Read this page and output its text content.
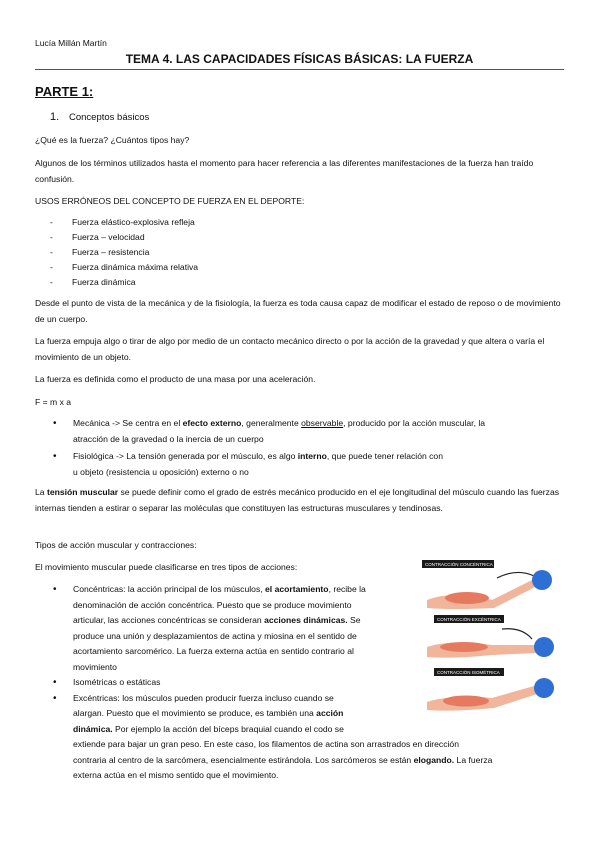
Lucía Millán Martín
TEMA 4. LAS CAPACIDADES FÍSICAS BÁSICAS: LA FUERZA
PARTE 1:
1. Conceptos básicos
¿Qué es la fuerza? ¿Cuántos tipos hay?
Algunos de los términos utilizados hasta el momento para hacer referencia a las diferentes manifestaciones de la fuerza han traído confusión.
USOS ERRÓNEOS DEL CONCEPTO DE FUERZA EN EL DEPORTE:
- Fuerza elástico-explosiva refleja
- Fuerza – velocidad
- Fuerza – resistencia
- Fuerza dinámica máxima relativa
- Fuerza dinámica
Desde el punto de vista de la mecánica y de la fisiología, la fuerza es toda causa capaz de modificar el estado de reposo o de movimiento de un cuerpo.
La fuerza empuja algo o tirar de algo por medio de un contacto mecánico directo o por la acción de la gravedad y que altera o varía el movimiento de un objeto.
La fuerza es definida como el producto de una masa por una aceleración.
F = m x a
• Mecánica -> Se centra en el efecto externo, generalmente observable, producido por la acción muscular, la
atracción de la gravedad o la inercia de un cuerpo
• Fisiológica -> La tensión generada por el músculo, es algo interno, que puede tener relación con
u objeto (resistencia u oposición) externo o no
La tensión muscular se puede definir como el grado de estrés mecánico producido en el eje longitudinal del músculo cuando las fuerzas internas tienden a estirar o separar las moléculas que constituyen las estructuras musculares y tendinosas.
Tipos de acción muscular y contracciones:
El movimiento muscular puede clasificarse en tres tipos de acciones:
• Concéntricas: la acción principal de los músculos, el acortamiento, recibe la
denominación de acción concéntrica. Puesto que se produce movimiento
articular, las acciones concéntricas se consideran acciones dinámicas. Se
produce una unión y desplazamientos de actina y miosina en el sentido de
acortamiento sarcomérico. La fuerza externa actúa en sentido contrario al
movimiento
• Isométricas o estáticas
• Excéntricas: los músculos pueden producir fuerza incluso cuando se
alargan. Puesto que el movimiento se produce, es también una acción
dinámica. Por ejemplo la acción del bíceps braquial cuando el codo se
extiende para bajar un gran peso. En este caso, los filamentos de actina son arrastrados en dirección
contraria al centro de la sarcómera, esencialmente estirándola. Los sarcómeros se están elogando. La fuerza
externa actúa en el mismo sentido que el movimiento.
CONTRACCIÓN CONCÉNTRICA
CONTRACCIÓN EXCÉNTRICA
CONTRACCIÓN ISOMÉTRICA
